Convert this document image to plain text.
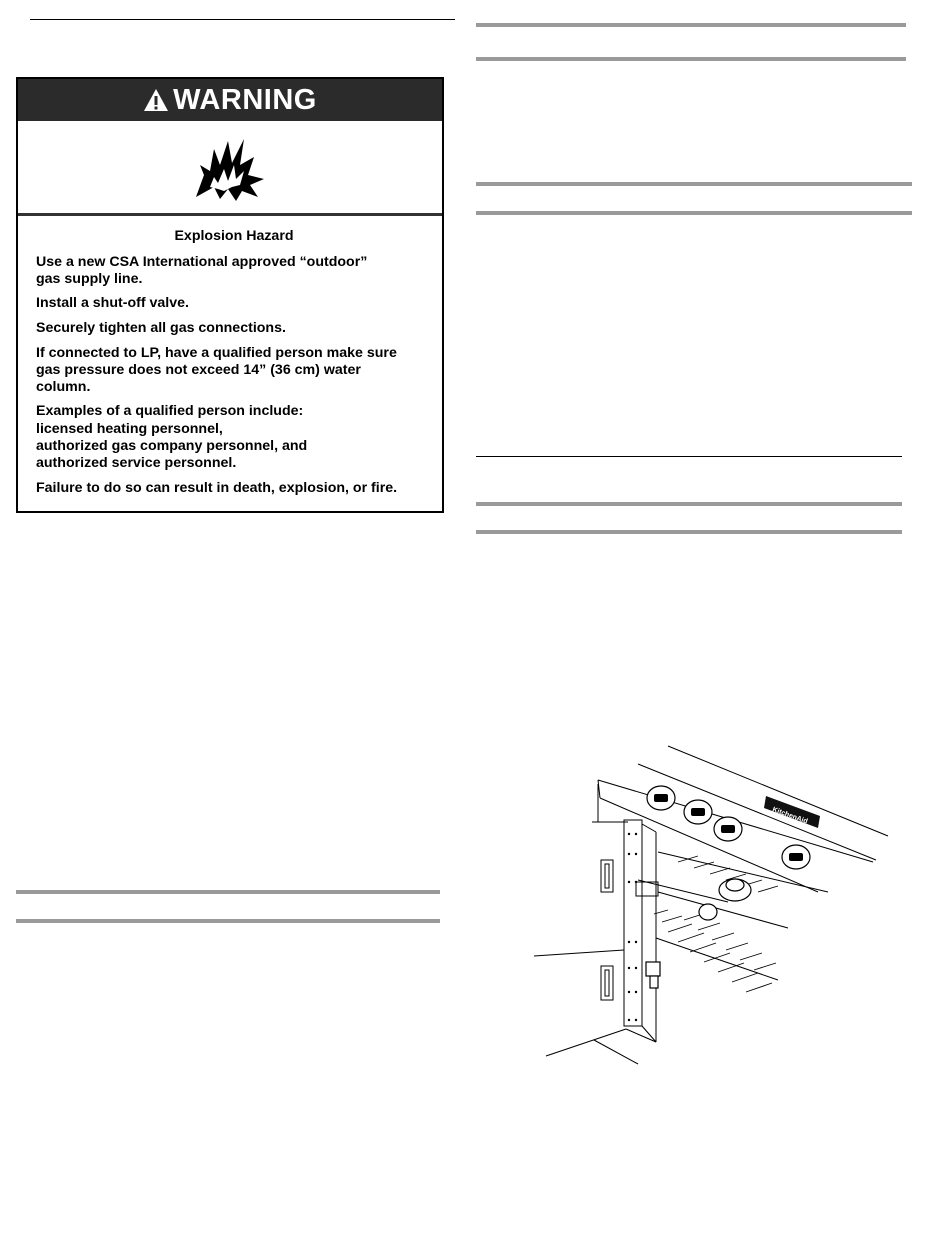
WARNING
Explosion Hazard

Use a new CSA International approved “outdoor”
gas supply line.

Install a shut-off valve.

Securely tighten all gas connections.

If connected to LP, have a qualified person make sure
gas pressure does not exceed 14” (36 cm) water
column.

Examples of a qualified person include:

licensed heating personnel,
authorized gas company personnel, and
authorized service personnel.

Failure to do so can result in death, explosion, or fire.

KitchenAid
